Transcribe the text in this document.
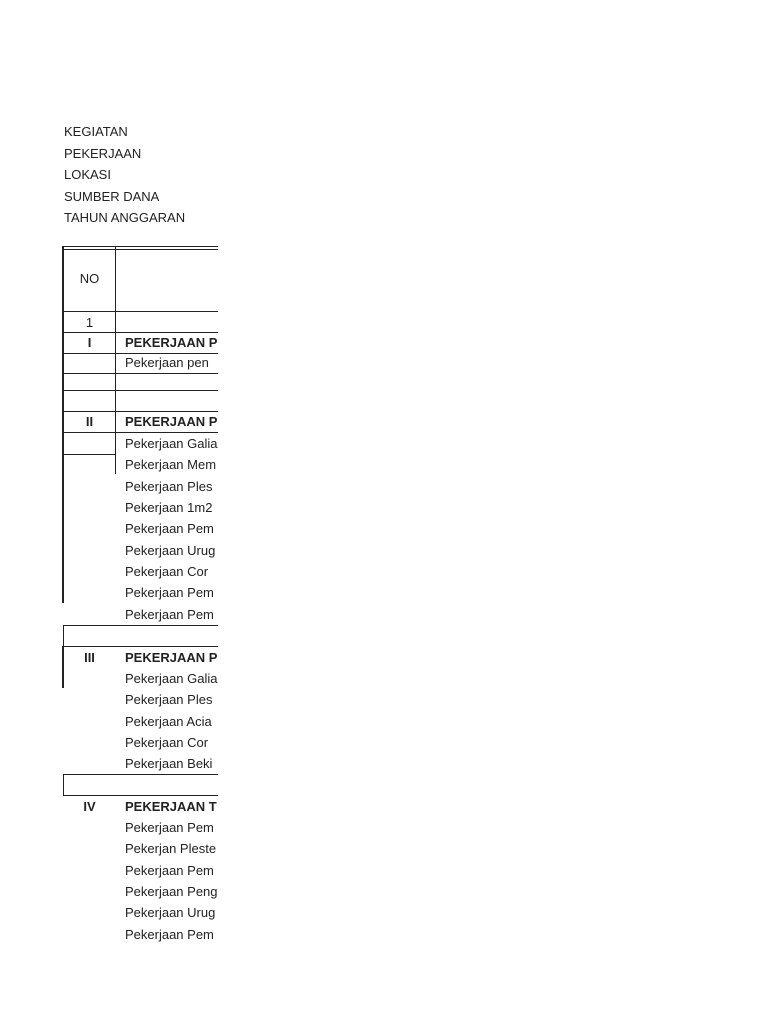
KEGIATAN
PEKERJAAN
LOKASI
SUMBER DANA
TAHUN ANGGARAN
NO
1
I	PEKERJAAN P
Pekerjaan pen
II	PEKERJAAN P
Pekerjaan Galia
Pekerjaan Mem
Pekerjaan Ples
Pekerjaan 1m2
Pekerjaan Pem
Pekerjaan Urug
Pekerjaan Cor
Pekerjaan Pem
Pekerjaan Pem
III	PEKERJAAN P
Pekerjaan Galia
Pekerjaan Ples
Pekerjaan Acia
Pekerjaan Cor
Pekerjaan Beki
IV	PEKERJAAN T
Pekerjaan Pem
Pekerjan Pleste
Pekerjaan Pem
Pekerjaan Peng
Pekerjaan Urug
Pekerjaan Pem
